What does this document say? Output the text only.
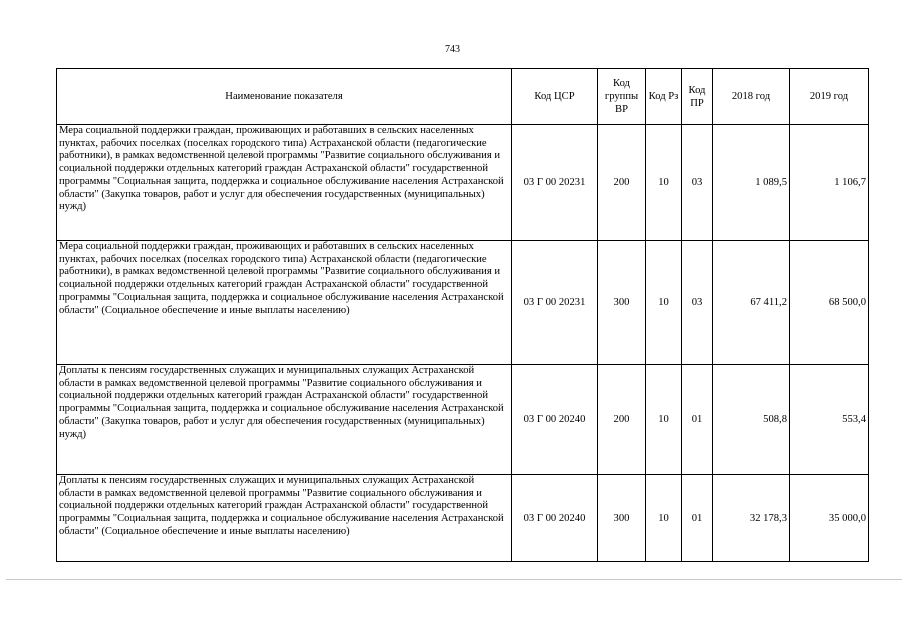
743
Наименование показателя	Код ЦСР	Код группы ВР	Код Рз	Код ПР	2018 год	2019 год
Мера социальной поддержки граждан, проживающих и работавших в сельских населенных пунктах, рабочих поселках (поселках городского типа) Астраханской области (педагогические работники), в рамках ведомственной целевой программы "Развитие социального обслуживания и социальной поддержки отдельных категорий граждан Астраханской области" государственной программы "Социальная защита, поддержка и социальное обслуживание населения Астраханской области" (Закупка товаров, работ и услуг для обеспечения государственных (муниципальных) нужд)	03 Г 00 20231	200	10	03	1 089,5	1 106,7
Мера социальной поддержки граждан, проживающих и работавших в сельских населенных пунктах, рабочих поселках (поселках городского типа) Астраханской области (педагогические работники), в рамках ведомственной целевой программы "Развитие социального обслуживания и социальной поддержки отдельных категорий граждан Астраханской области" государственной программы "Социальная защита, поддержка и социальное обслуживание населения Астраханской области" (Социальное обеспечение и иные выплаты населению)	03 Г 00 20231	300	10	03	67 411,2	68 500,0
Доплаты к пенсиям государственных служащих и муниципальных служащих Астраханской области в рамках ведомственной целевой программы "Развитие социального обслуживания и социальной поддержки отдельных категорий граждан Астраханской области" государственной программы "Социальная защита, поддержка и социальное обслуживание населения Астраханской области" (Закупка товаров, работ и услуг для обеспечения государственных (муниципальных) нужд)	03 Г 00 20240	200	10	01	508,8	553,4
Доплаты к пенсиям государственных служащих и муниципальных служащих Астраханской области в рамках ведомственной целевой программы "Развитие социального обслуживания и социальной поддержки отдельных категорий граждан Астраханской области" государственной программы "Социальная защита, поддержка и социальное обслуживание населения Астраханской области" (Социальное обеспечение и иные выплаты населению)	03 Г 00 20240	300	10	01	32 178,3	35 000,0
